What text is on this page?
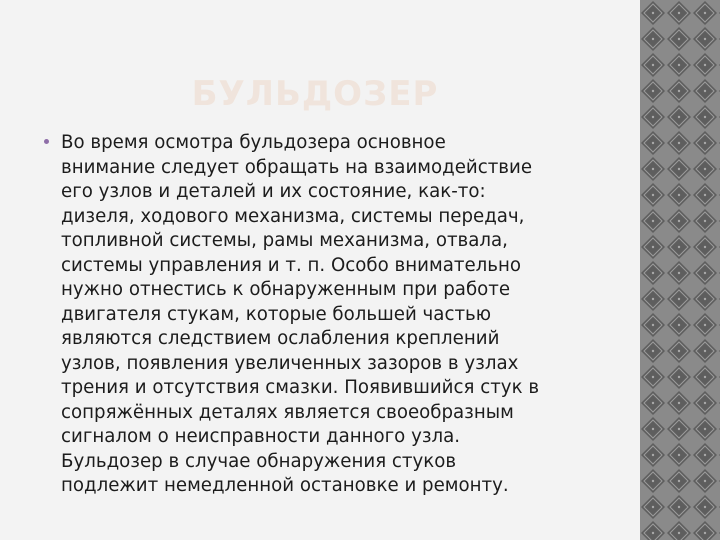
БУЛЬДОЗЕР

Во время осмотра бульдозера основное
внимание следует обращать на взаимодействие
его узлов и деталей и их состояние, как-то:
дизеля, ходового механизма, системы передач,
топливной системы, рамы механизма, отвала,
системы управления и т. п. Особо внимательно
нужно отнестись к обнаруженным при работе
двигателя стукам, которые большей частью
являются следствием ослабления креплений
узлов, появления увеличенных зазоров в узлах
трения и отсутствия смазки. Появившийся стук в
сопряжённых деталях является своеобразным
сигналом о неисправности данного узла.
Бульдозер в случае обнаружения стуков
подлежит немедленной остановке и ремонту.
